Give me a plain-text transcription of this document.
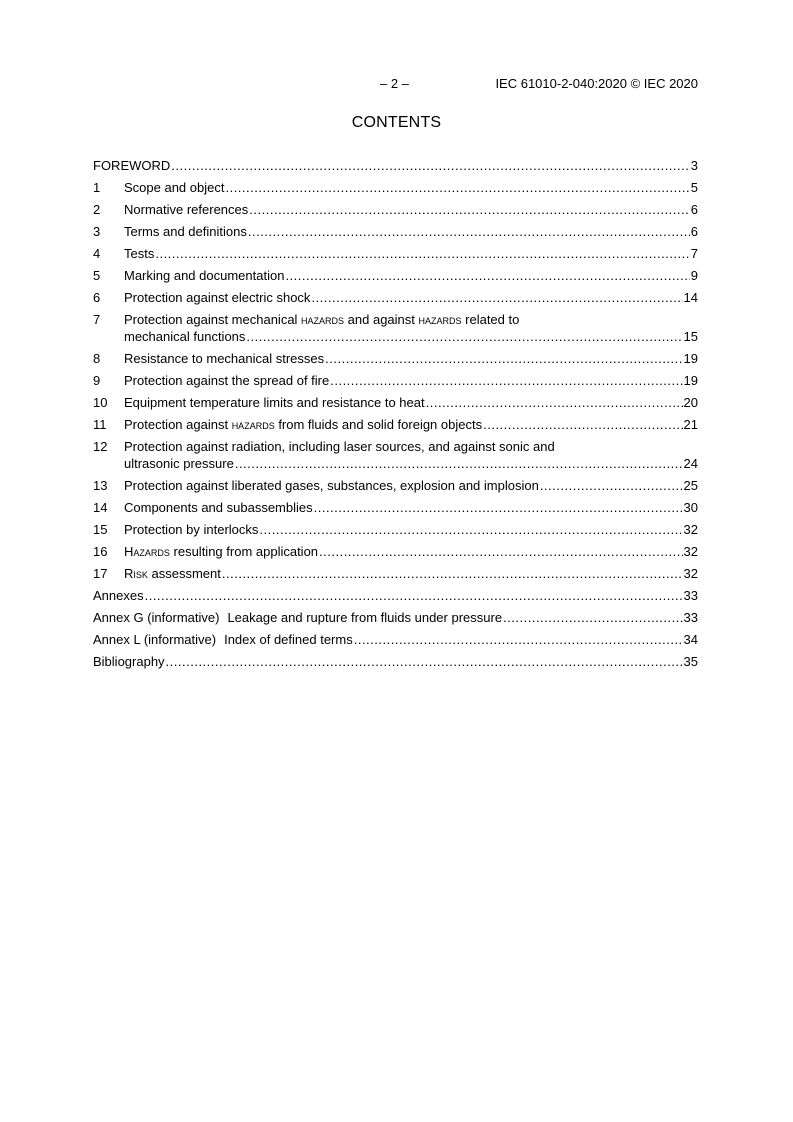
– 2 –	IEC 61010-2-040:2020 © IEC 2020
CONTENTS
FOREWORD .....	3
1	Scope and object .....	5
2	Normative references .....	6
3	Terms and definitions .....	6
4	Tests .....	7
5	Marking and documentation .....	9
6	Protection against electric shock .....	14
7	Protection against mechanical hazards and against hazards related to
mechanical functions .....	15
8	Resistance to mechanical stresses .....	19
9	Protection against the spread of fire .....	19
10	Equipment temperature limits and resistance to heat .....	20
11	Protection against hazards from fluids and solid foreign objects .....	21
12	Protection against radiation, including laser sources, and against sonic and
ultrasonic pressure .....	24
13	Protection against liberated gases, substances, explosion and implosion .....	25
14	Components and subassemblies .....	30
15	Protection by interlocks .....	32
16	Hazards resulting from application .....	32
17	Risk assessment .....	32
Annexes .....	33
Annex G (informative) Leakage and rupture from fluids under pressure .....	33
Annex L (informative) Index of defined terms .....	34
Bibliography .....	35
